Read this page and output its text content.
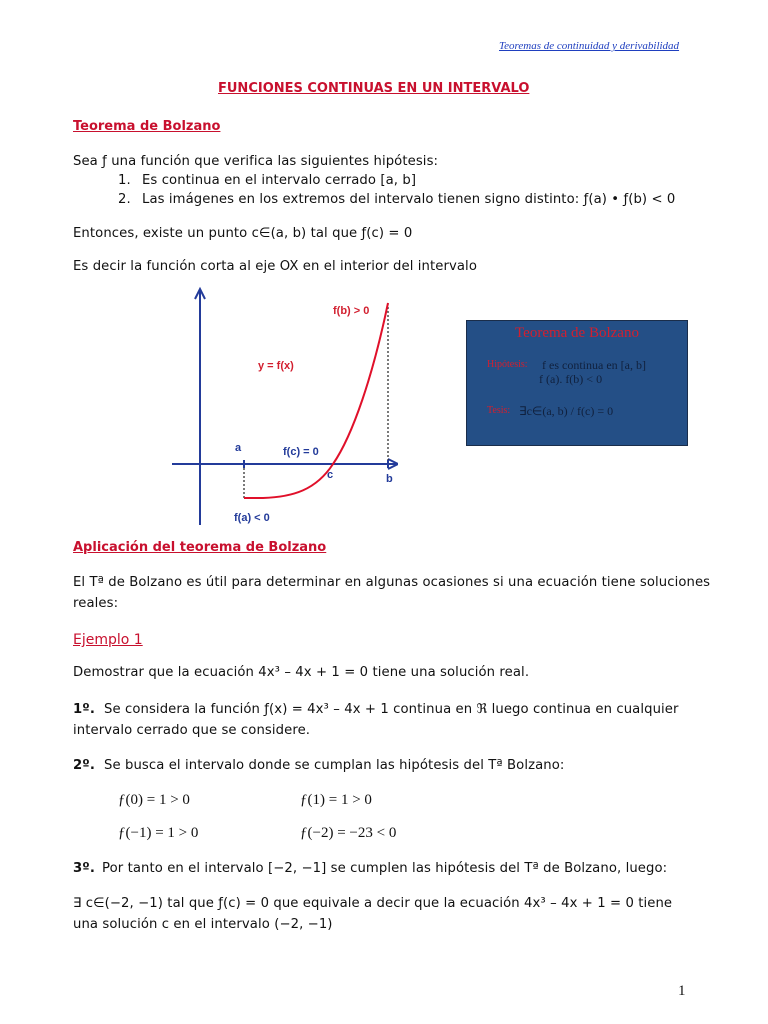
Teoremas de continuidad y derivabilidad
FUNCIONES CONTINUAS EN UN INTERVALO
Teorema de Bolzano
Sea ƒ una función que verifica las siguientes hipótesis:
1. Es continua en el intervalo cerrado [a, b]
2. Las imágenes en los extremos del intervalo tienen signo distinto: ƒ(a) • ƒ(b) < 0
Entonces, existe un punto c∈(a, b) tal que ƒ(c) = 0
Es decir la función corta al eje OX en el interior del intervalo
f(b) > 0
y = f(x)
a	f(c) = 0
c	b
f(a) < 0
Teorema de Bolzano
Hipótesis: f es continua en [a, b]
f (a). f(b) < 0
Tesis: ∃c∈(a, b) / f(c) = 0
Aplicación del teorema de Bolzano
El Tª de Bolzano es útil para determinar en algunas ocasiones si una ecuación tiene soluciones
reales:
Ejemplo 1
Demostrar que la ecuación 4x³ – 4x + 1 = 0 tiene una solución real.
1º. Se considera la función ƒ(x) = 4x³ – 4x + 1 continua en ℜ luego continua en cualquier
intervalo cerrado que se considere.
2º. Se busca el intervalo donde se cumplan las hipótesis del Tª Bolzano:
ƒ(0) = 1 > 0	ƒ(1) = 1 > 0
ƒ(−1) = 1 > 0	ƒ(−2) = −23 < 0
3º. Por tanto en el intervalo [−2, −1] se cumplen las hipótesis del Tª de Bolzano, luego:
∃ c∈(−2, −1) tal que ƒ(c) = 0 que equivale a decir que la ecuación 4x³ – 4x + 1 = 0 tiene
una solución c en el intervalo (−2, −1)
1
